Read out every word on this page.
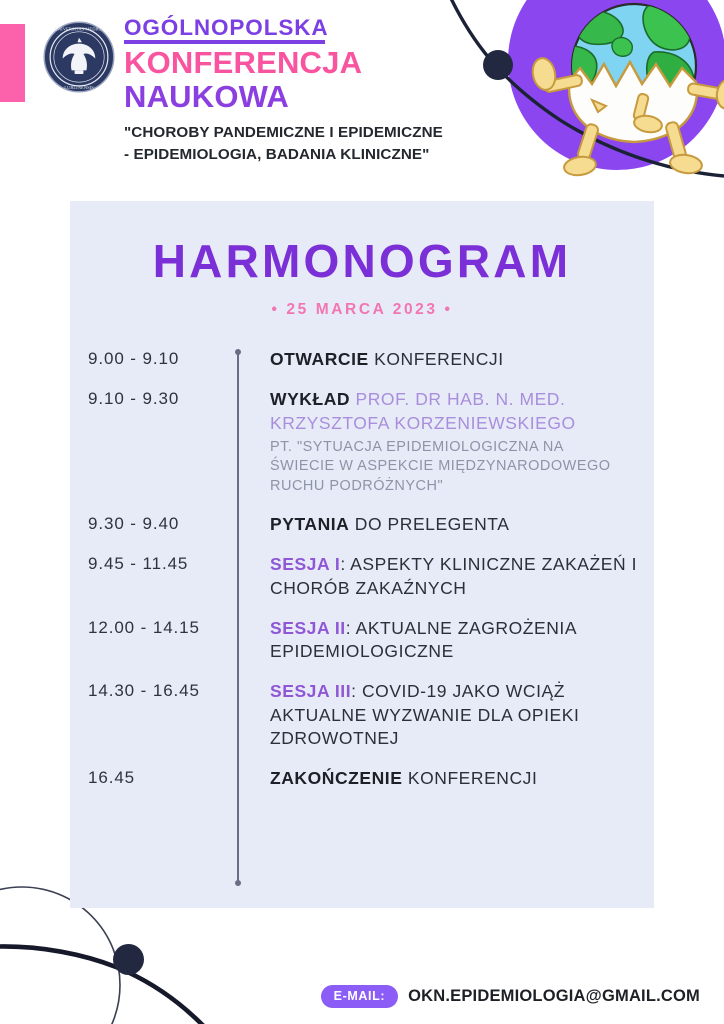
UNIVERSITAS MEDICA
LUBLINENSIS
OGÓLNOPOLSKA
KONFERENCJA
NAUKOWA
"CHOROBY PANDEMICZNE I EPIDEMICZNE
- EPIDEMIOLOGIA, BADANIA KLINICZNE"
HARMONOGRAM
• 25 MARCA 2023 •
9.00 - 9.10	OTWARCIE KONFERENCJI
9.10 - 9.30	WYKŁAD PROF. DR HAB. N. MED. KRZYSZTOFA KORZENIEWSKIEGO
PT. "SYTUACJA EPIDEMIOLOGICZNA NA ŚWIECIE W ASPEKCIE MIĘDZYNARODOWEGO RUCHU PODRÓŻNYCH"
9.30 - 9.40	PYTANIA DO PRELEGENTA
9.45 - 11.45	SESJA I: ASPEKTY KLINICZNE ZAKAŻEŃ I CHORÓB ZAKAŹNYCH
12.00 - 14.15	SESJA II: AKTUALNE ZAGROŻENIA EPIDEMIOLOGICZNE
14.30 - 16.45	SESJA III: COVID-19 JAKO WCIĄŻ AKTUALNE WYZWANIE DLA OPIEKI ZDROWOTNEJ
16.45	ZAKOŃCZENIE KONFERENCJI
E-MAIL:	OKN.EPIDEMIOLOGIA@GMAIL.COM
